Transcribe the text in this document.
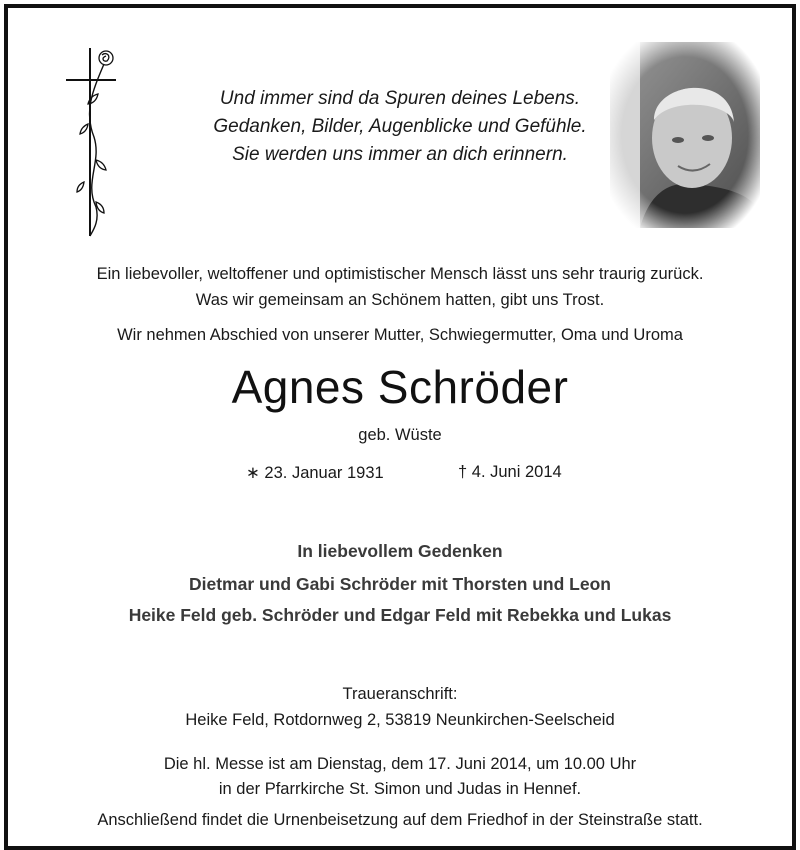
Und immer sind da Spuren deines Lebens.
Gedanken, Bilder, Augenblicke und Gefühle.
Sie werden uns immer an dich erinnern.
Ein liebevoller, weltoffener und optimistischer Mensch lässt uns sehr traurig zurück.
Was wir gemeinsam an Schönem hatten, gibt uns Trost.
Wir nehmen Abschied von unserer Mutter, Schwiegermutter, Oma und Uroma
Agnes Schröder
geb. Wüste
∗ 23. Januar 1931	† 4. Juni 2014
In liebevollem Gedenken
Dietmar und Gabi Schröder mit Thorsten und Leon
Heike Feld geb. Schröder und Edgar Feld mit Rebekka und Lukas
Traueranschrift:
Heike Feld, Rotdornweg 2, 53819 Neunkirchen-Seelscheid
Die hl. Messe ist am Dienstag, dem 17. Juni 2014, um 10.00 Uhr
in der Pfarrkirche St. Simon und Judas in Hennef.
Anschließend findet die Urnenbeisetzung auf dem Friedhof in der Steinstraße statt.
